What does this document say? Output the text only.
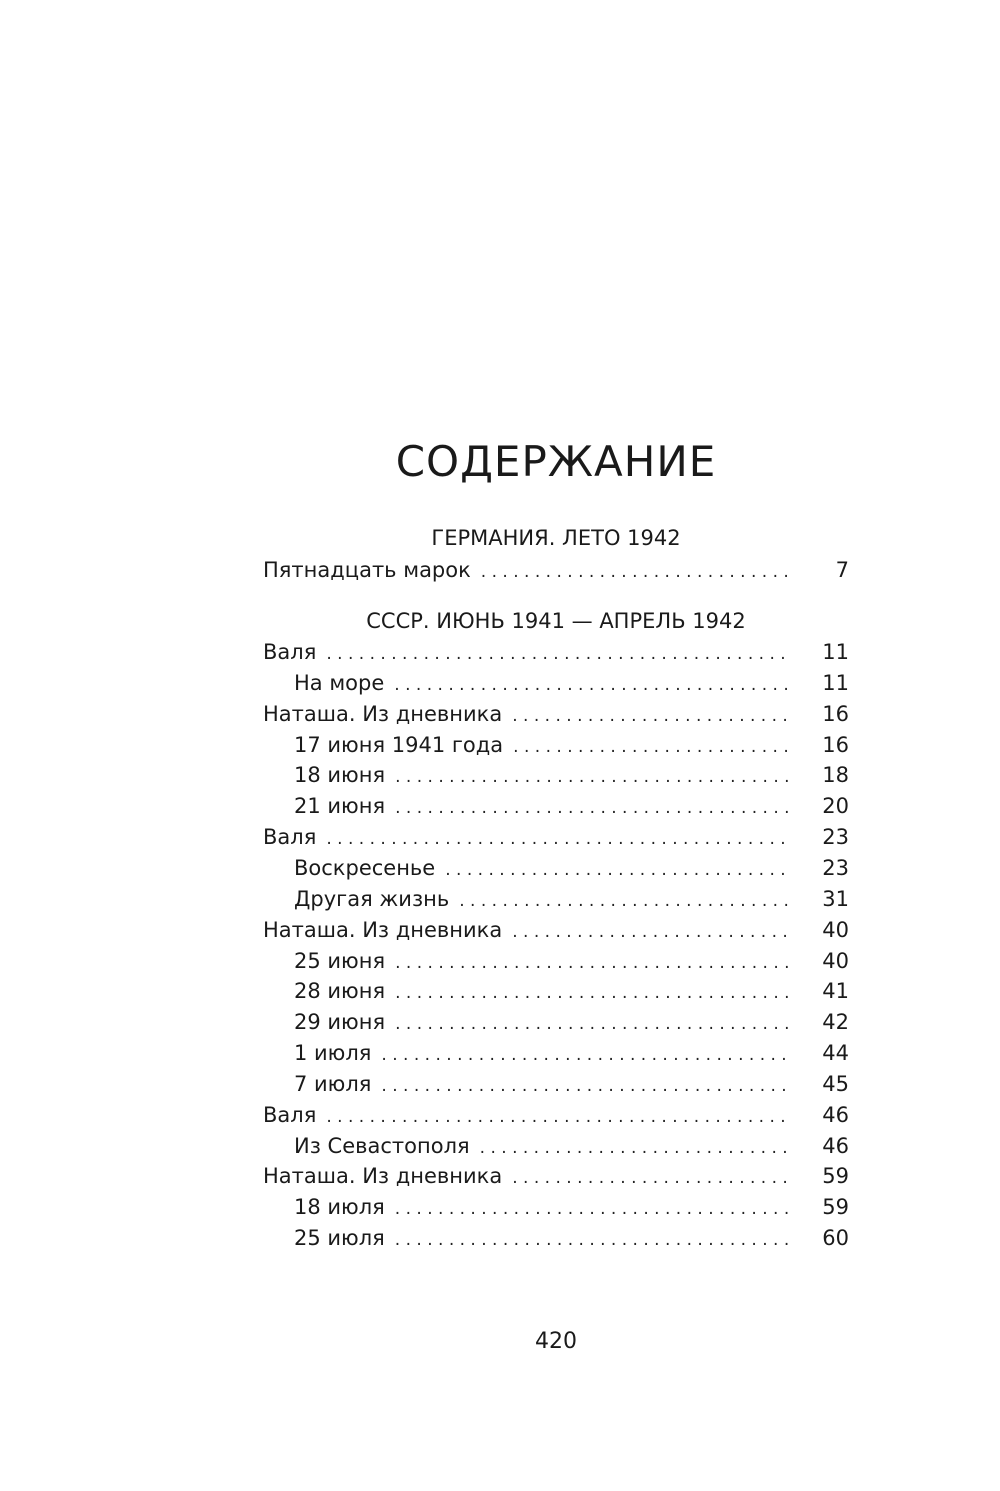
СОДЕРЖАНИЕ
ГЕРМАНИЯ. ЛЕТО 1942
Пятнадцать марок . . .	7
СССР. ИЮНЬ 1941 — АПРЕЛЬ 1942
Валя . . .	11
На море . . .	11
Наташа. Из дневника . . .	16
17 июня 1941 года . . .	16
18 июня . . .	18
21 июня . . .	20
Валя . . .	23
Воскресенье . . .	23
Другая жизнь . . .	31
Наташа. Из дневника . . .	40
25 июня . . .	40
28 июня . . .	41
29 июня . . .	42
1 июля . . .	44
7 июля . . .	45
Валя . . .	46
Из Севастополя . . .	46
Наташа. Из дневника . . .	59
18 июля . . .	59
25 июля . . .	60
420
